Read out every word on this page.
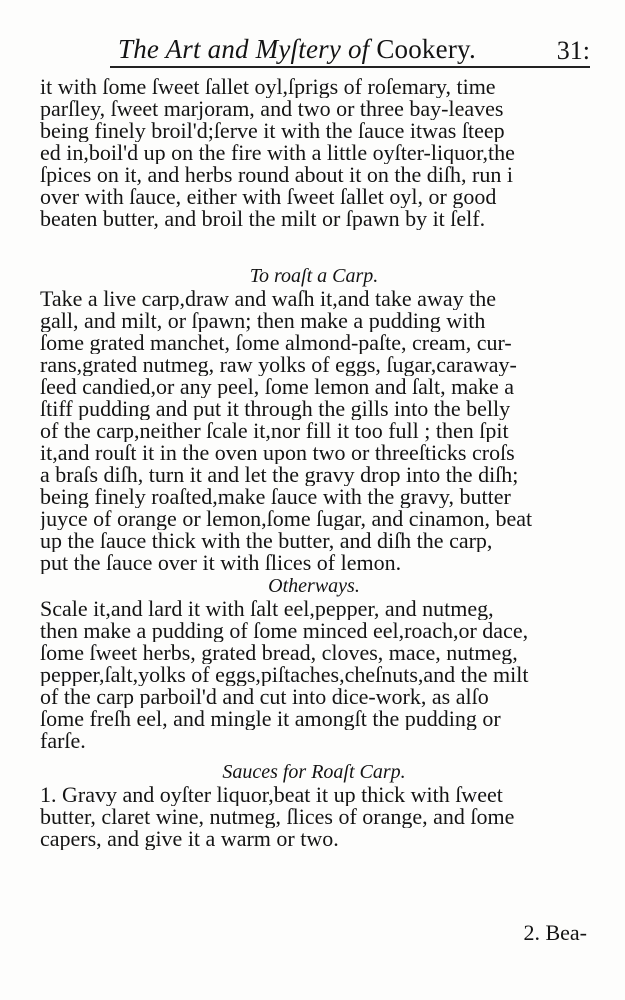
The Art and Myſtery of Cookery.	31:
it with ſome ſweet ſallet oyl,ſprigs of roſemary, time
parſley, ſweet marjoram, and two or three bay-leaves
being finely broil'd;ſerve it with the ſauce itwas ſteep
ed in,boil'd up on the fire with a little oyſter-liquor,the
ſpices on it, and herbs round about it on the diſh, run i
over with ſauce, either with ſweet ſallet oyl, or good
beaten butter, and broil the milt or ſpawn by it ſelf.
To roaſt a Carp.
Take a live carp,draw and waſh it,and take away the
gall, and milt, or ſpawn; then make a pudding with
ſome grated manchet, ſome almond-paſte, cream, cur-
rans,grated nutmeg, raw yolks of eggs, ſugar,caraway-
ſeed candied,or any peel, ſome lemon and ſalt, make a
ſtiff pudding and put it through the gills into the belly
of the carp,neither ſcale it,nor fill it too full ; then ſpit
it,and rouſt it in the oven upon two or threeſticks croſs
a braſs diſh, turn it and let the gravy drop into the diſh;
being finely roaſted,make ſauce with the gravy, butter
juyce of orange or lemon,ſome ſugar, and cinamon, beat
up the ſauce thick with the butter, and diſh the carp,
put the ſauce over it with ſlices of lemon.
Otherways.
Scale it,and lard it with ſalt eel,pepper, and nutmeg,
then make a pudding of ſome minced eel,roach,or dace,
ſome ſweet herbs, grated bread, cloves, mace, nutmeg,
pepper,ſalt,yolks of eggs,piſtaches,cheſnuts,and the milt
of the carp parboil'd and cut into dice-work, as alſo
ſome freſh eel, and mingle it amongſt the pudding or
farſe.
Sauces for Roaſt Carp.
1. Gravy and oyſter liquor,beat it up thick with ſweet
butter, claret wine, nutmeg, ſlices of orange, and ſome
capers, and give it a warm or two.
2. Bea-
